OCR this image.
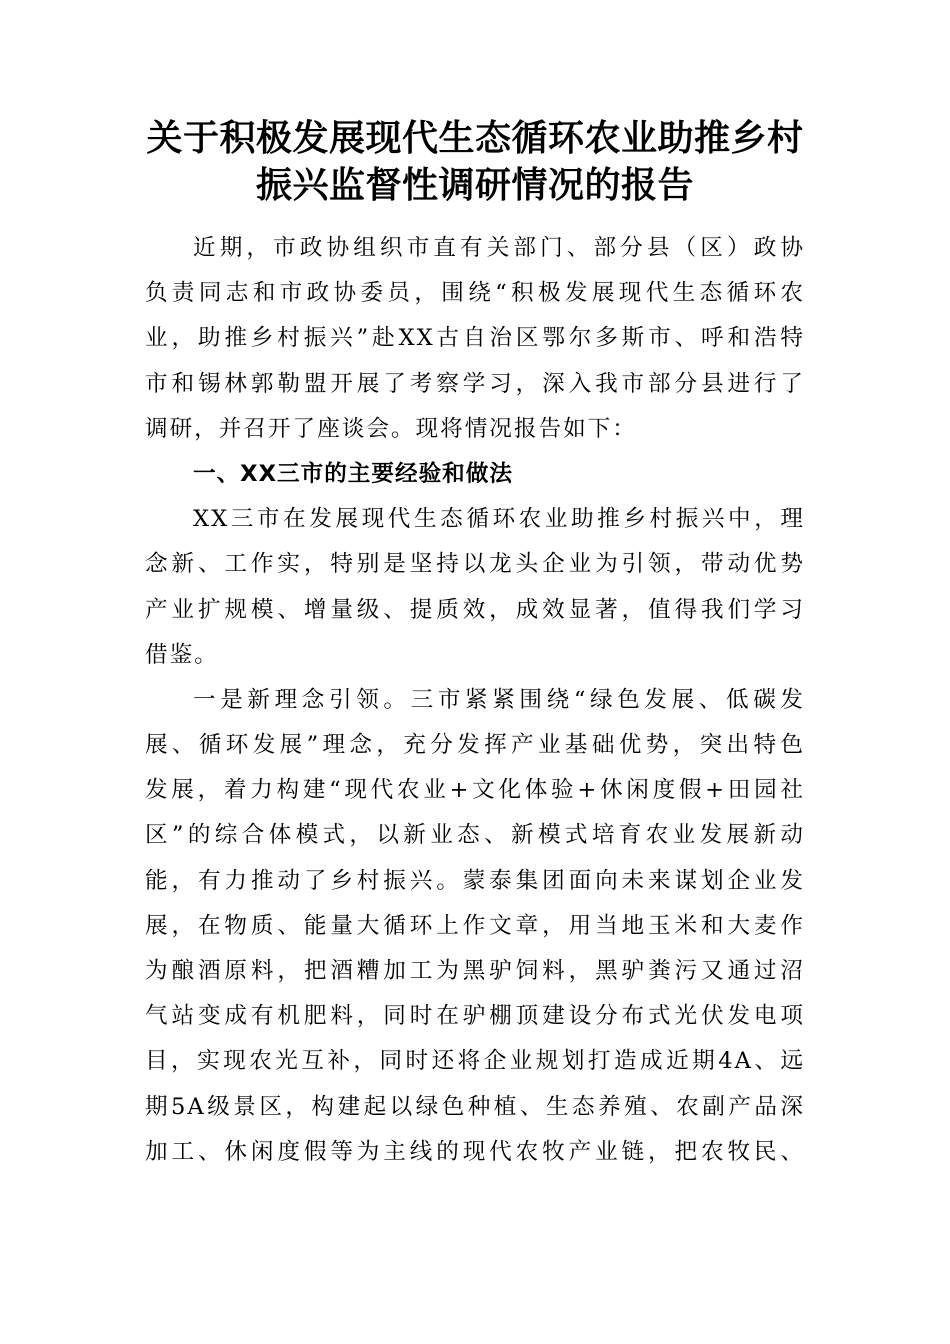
关于积极发展现代生态循环农业助推乡村
振兴监督性调研情况的报告
近期，市政协组织市直有关部门、部分县（区）政协
负责同志和市政协委员，围绕“积极发展现代生态循环农
业，助推乡村振兴”赴XX古自治区鄂尔多斯市、呼和浩特
市和锡林郭勒盟开展了考察学习，深入我市部分县进行了
调研，并召开了座谈会。现将情况报告如下：
一、XX三市的主要经验和做法
XX三市在发展现代生态循环农业助推乡村振兴中，理
念新、工作实，特别是坚持以龙头企业为引领，带动优势
产业扩规模、增量级、提质效，成效显著，值得我们学习
借鉴。
一是新理念引领。三市紧紧围绕“绿色发展、低碳发
展、循环发展”理念，充分发挥产业基础优势，突出特色
发展，着力构建“现代农业+文化体验+休闲度假+田园社
区”的综合体模式，以新业态、新模式培育农业发展新动
能，有力推动了乡村振兴。蒙泰集团面向未来谋划企业发
展，在物质、能量大循环上作文章，用当地玉米和大麦作
为酿酒原料，把酒糟加工为黑驴饲料，黑驴粪污又通过沼
气站变成有机肥料，同时在驴棚顶建设分布式光伏发电项
目，实现农光互补，同时还将企业规划打造成近期4A、远
期5A级景区，构建起以绿色种植、生态养殖、农副产品深
加工、休闲度假等为主线的现代农牧产业链，把农牧民、
